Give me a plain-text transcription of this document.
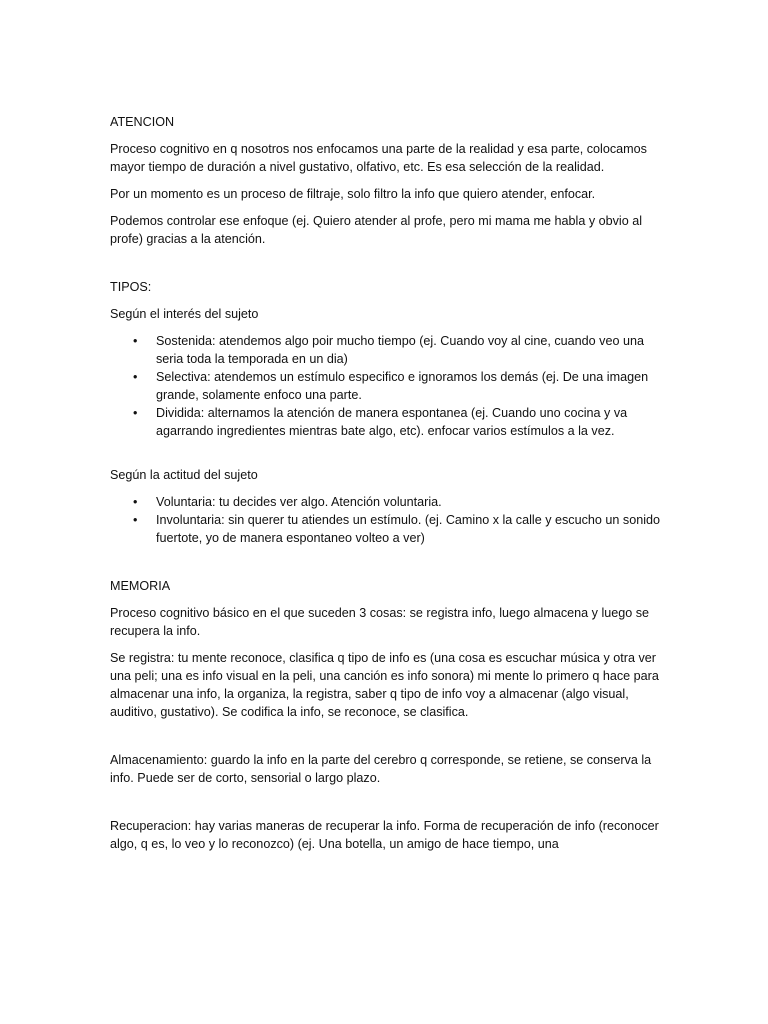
ATENCION

Proceso cognitivo en q nosotros nos enfocamos una parte de la realidad y esa parte, colocamos mayor tiempo de duración a nivel gustativo, olfativo, etc. Es esa selección de la realidad.

Por un momento es un proceso de filtraje, solo filtro la info que quiero atender, enfocar.

Podemos controlar ese enfoque (ej. Quiero atender al profe, pero mi mama me habla y obvio al profe) gracias a la atención.

TIPOS:

Según el interés del sujeto

• Sostenida: atendemos algo poir mucho tiempo (ej. Cuando voy al cine, cuando veo una seria toda la temporada en un dia)
• Selectiva: atendemos un estímulo especifico e ignoramos los demás (ej. De una imagen grande, solamente enfoco una parte.
• Dividida: alternamos la atención de manera espontanea (ej. Cuando uno cocina y va agarrando ingredientes mientras bate algo, etc). enfocar varios estímulos a la vez.

Según la actitud del sujeto

• Voluntaria: tu decides ver algo. Atención voluntaria.
• Involuntaria: sin querer tu atiendes un estímulo. (ej. Camino x la calle y escucho un sonido fuertote, yo de manera espontaneo volteo a ver)
MEMORIA

Proceso cognitivo básico en el que suceden 3 cosas: se registra info, luego almacena y luego se recupera la info.

Se registra: tu mente reconoce, clasifica q tipo de info es (una cosa es escuchar música y otra ver una peli; una es info visual en la peli, una canción es info sonora) mi mente lo primero q hace para almacenar una info, la organiza, la registra, saber q tipo de info voy a almacenar (algo visual, auditivo, gustativo). Se codifica la info, se reconoce, se clasifica.

Almacenamiento: guardo la info en la parte del cerebro q corresponde, se retiene, se conserva la info. Puede ser de corto, sensorial o largo plazo.

Recuperacion: hay varias maneras de recuperar la info. Forma de recuperación de info (reconocer algo, q es, lo veo y lo reconozco) (ej. Una botella, un amigo de hace tiempo, una
